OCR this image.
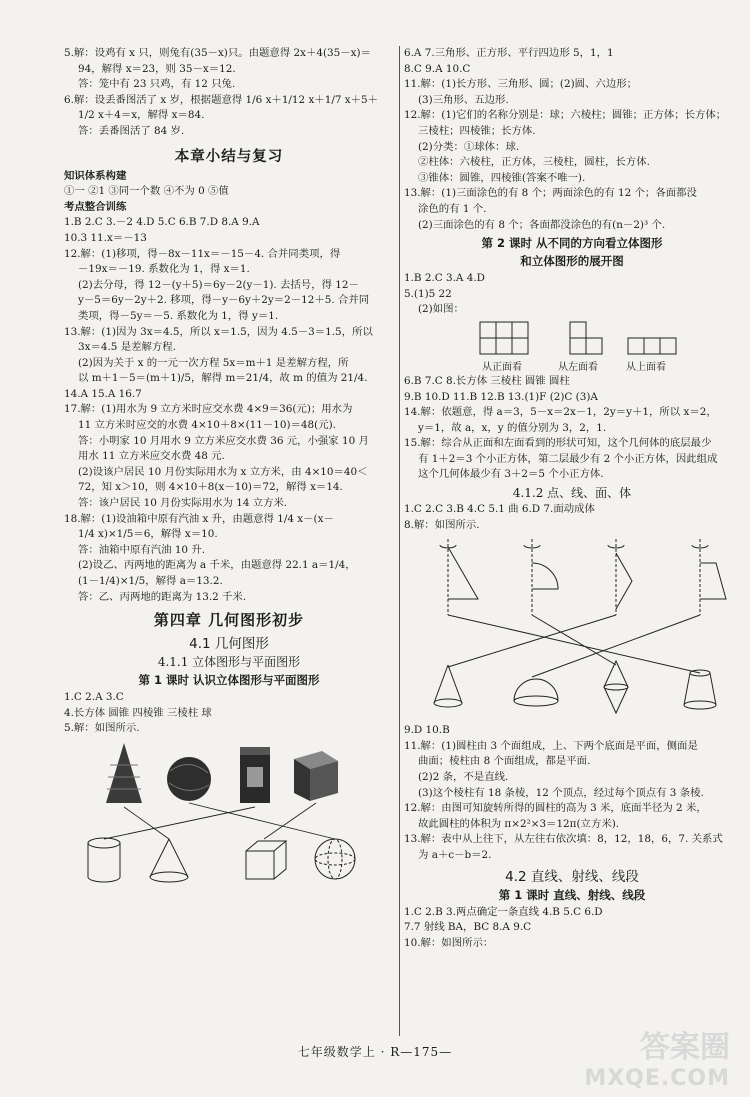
5.解：设鸡有 x 只，则兔有(35－x)只。由题意得 2x＋4(35－x)＝
94，解得 x＝23，则 35－x＝12.
答：笼中有 23 只鸡，有 12 只兔.
6.解：设丢番图活了 x 岁，根据题意得 1/6 x＋1/12 x＋1/7 x＋5＋
1/2 x＋4＝x，解得 x＝84.
答：丢番图活了 84 岁.
本章小结与复习
知识体系构建
①一 ②1 ③同一个数 ④不为 0 ⑤值
考点整合训练
1.B 2.C 3.－2 4.D 5.C 6.B 7.D 8.A 9.A
10.3 11.x＝－13
12.解：(1)移项，得－8x－11x＝－15－4. 合并同类项，得
－19x＝－19. 系数化为 1，得 x＝1.
(2)去分母，得 12－(y＋5)＝6y－2(y－1). 去括号，得 12－
y－5＝6y－2y＋2. 移项，得－y－6y＋2y＝2－12＋5. 合并同
类项，得－5y＝－5. 系数化为 1，得 y＝1.
13.解：(1)因为 3x＝4.5，所以 x＝1.5，因为 4.5－3＝1.5，所以
3x＝4.5 是差解方程.
(2)因为关于 x 的一元一次方程 5x＝m＋1 是差解方程，所
以 m＋1－5＝(m＋1)/5，解得 m＝21/4，故 m 的值为 21/4.
14.A 15.A 16.7
17.解：(1)用水为 9 立方米时应交水费 4×9＝36(元)；用水为
11 立方米时应交的水费 4×10＋8×(11－10)＝48(元).
答：小明家 10 月用水 9 立方米应交水费 36 元，小强家 10 月
用水 11 立方米应交水费 48 元.
(2)设该户居民 10 月份实际用水为 x 立方米，由 4×10＝40＜
72，知 x＞10，则 4×10＋8(x－10)＝72，解得 x＝14.
答：该户居民 10 月份实际用水为 14 立方米.
18.解：(1)设油箱中原有汽油 x 升，由题意得 1/4 x－(x－
1/4 x)×1/5＝6，解得 x＝10.
答：油箱中原有汽油 10 升.
(2)设乙、丙两地的距离为 a 千米，由题意得 22.1 a＝1/4，
(1－1/4)×1/5，解得 a＝13.2.
答：乙、丙两地的距离为 13.2 千米.
第四章 几何图形初步
4.1 几何图形
4.1.1 立体图形与平面图形
第 1 课时 认识立体图形与平面图形
1.C 2.A 3.C
4.长方体 圆锥 四棱锥 三棱柱 球
5.解：如图所示.
6.A 7.三角形、正方形、平行四边形 5，1，1
8.C 9.A 10.C
11.解：(1)长方形、三角形、圆；(2)圆、六边形；
(3)三角形、五边形.
12.解：(1)它们的名称分别是：球；六棱柱；圆锥；正方体；长方体；
三棱柱；四棱锥；长方体.
(2)分类：①球体：球.
②柱体：六棱柱，正方体，三棱柱，圆柱，长方体.
③锥体：圆锥，四棱锥(答案不唯一).
13.解：(1)三面涂色的有 8 个；两面涂色的有 12 个；各面都没
涂色的有 1 个.
(2)三面涂色的有 8 个；各面都没涂色的有(n－2)³ 个.
第 2 课时 从不同的方向看立体图形
和立体图形的展开图
1.B 2.C 3.A 4.D
5.(1)5 22
(2)如图：
从正面看	从左面看	从上面看
6.B 7.C 8.长方体 三棱柱 圆锥 圆柱
9.B 10.D 11.B 12.B 13.(1)F (2)C (3)A
14.解：依题意，得 a＝3，5－x＝2x－1，2y＝y＋1，所以 x＝2，
y＝1，故 a，x，y 的值分别为 3，2，1.
15.解：综合从正面和左面看到的形状可知，这个几何体的底层最少
有 1＋2＝3 个小正方体，第二层最少有 2 个小正方体，因此组成
这个几何体最少有 3＋2＝5 个小正方体.
4.1.2 点、线、面、体
1.C 2.C 3.B 4.C 5.1 曲 6.D 7.面动成体
8.解：如图所示.
9.D 10.B
11.解：(1)圆柱由 3 个面组成，上、下两个底面是平面，侧面是
曲面；棱柱由 8 个面组成，都是平面.
(2)2 条，不是直线.
(3)这个棱柱有 18 条棱，12 个顶点，经过每个顶点有 3 条棱.
12.解：由图可知旋转所得的圆柱的高为 3 米，底面半径为 2 米，
故此圆柱的体积为 π×2²×3＝12π(立方米).
13.解：表中从上往下，从左往右依次填：8，12，18，6，7. 关系式
为 a＋c－b＝2.
4.2 直线、射线、线段
第 1 课时 直线、射线、线段
1.C 2.B 3.两点确定一条直线 4.B 5.C 6.D
7.7 射线 BA，BC 8.A 9.C
10.解：如图所示：
七年级数学上 · R—175—	答案圈
MXQE.COM
